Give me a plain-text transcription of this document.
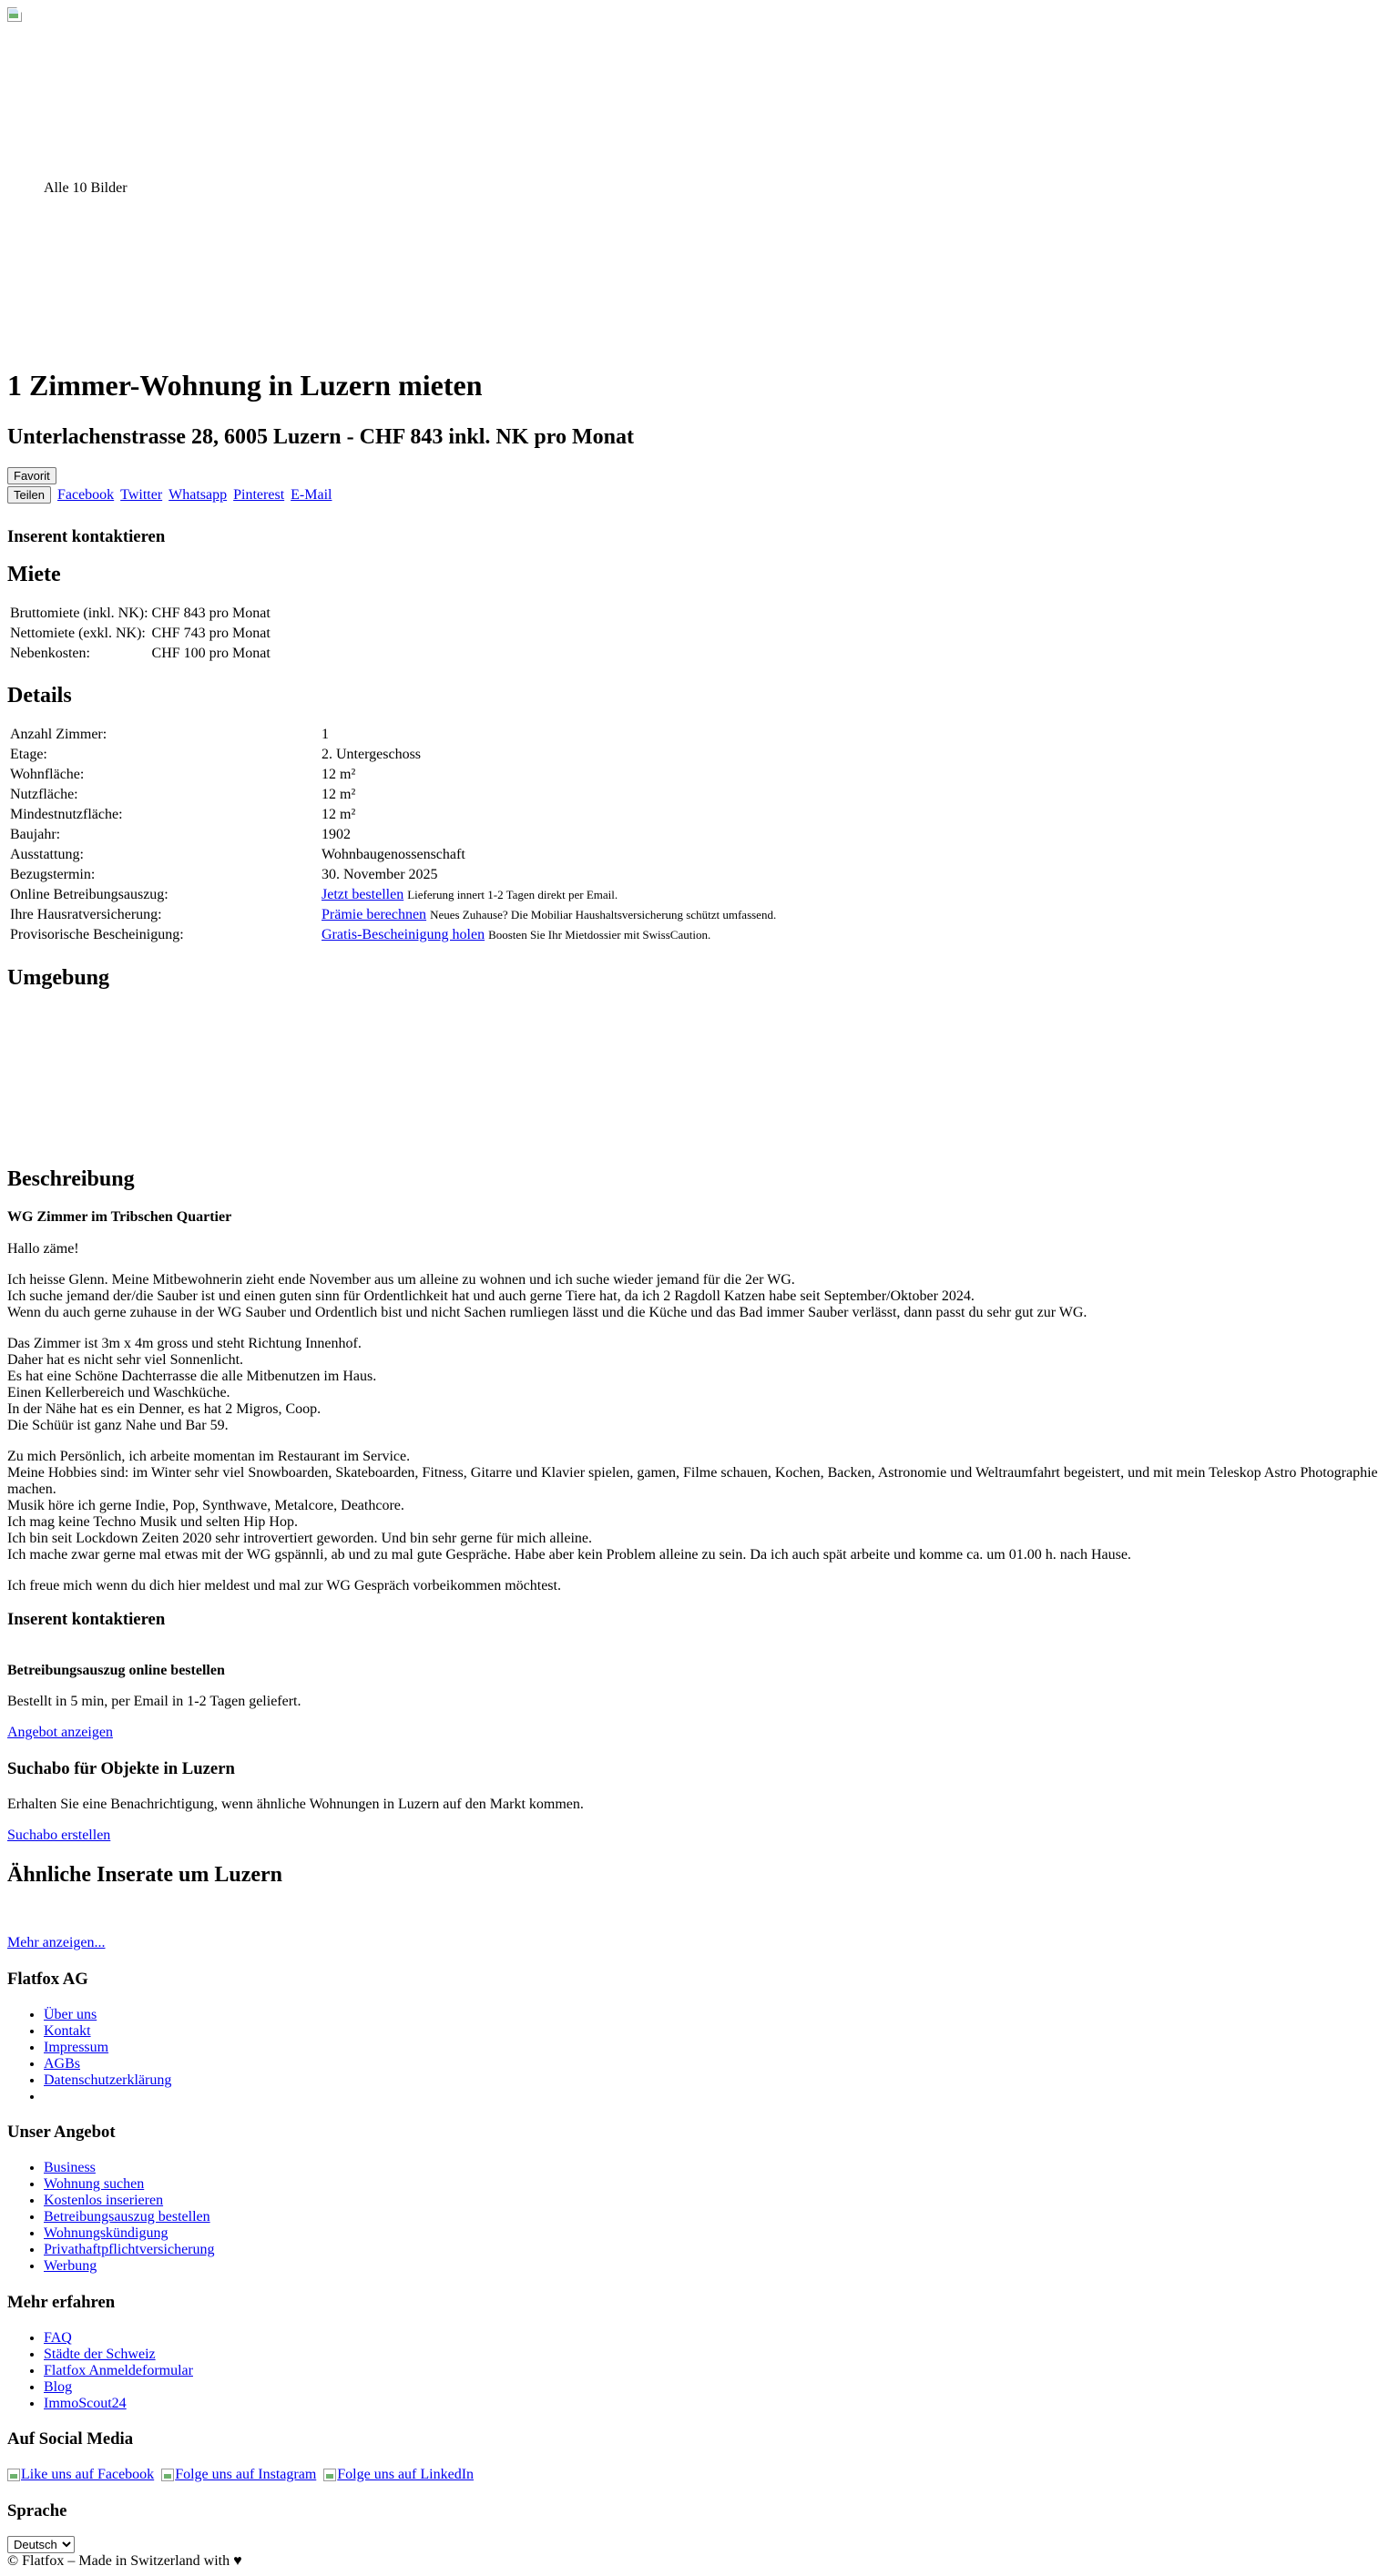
Alle 10 Bilder
1 Zimmer-Wohnung in Luzern mieten
Unterlachenstrasse 28, 6005 Luzern - CHF 843 inkl. NK pro Monat
Favorit
Teilen Facebook Twitter Whatsapp Pinterest E-Mail
Inserent kontaktieren
Miete
Bruttomiete (inkl. NK):	CHF 843 pro Monat
Nettomiete (exkl. NK):	CHF 743 pro Monat
Nebenkosten:	CHF 100 pro Monat
Details
Anzahl Zimmer:	1
Etage:	2. Untergeschoss
Wohnfläche:	12 m²
Nutzfläche:	12 m²
Mindestnutzfläche:	12 m²
Baujahr:	1902
Ausstattung:	Wohnbaugenossenschaft
Bezugstermin:	30. November 2025
Online Betreibungsauszug:	Jetzt bestellen Lieferung innert 1-2 Tagen direkt per Email.
Ihre Hausratversicherung:	Prämie berechnen Neues Zuhause? Die Mobiliar Haushaltsversicherung schützt umfassend.
Provisorische Bescheinigung:	Gratis-Bescheinigung holen Boosten Sie Ihr Mietdossier mit SwissCaution.
Umgebung
Beschreibung
WG Zimmer im Tribschen Quartier

Hallo zäme!

Ich heisse Glenn. Meine Mitbewohnerin zieht ende November aus um alleine zu wohnen und ich suche wieder jemand für die 2er WG.
Ich suche jemand der/die Sauber ist und einen guten sinn für Ordentlichkeit hat und auch gerne Tiere hat, da ich 2 Ragdoll Katzen habe seit September/Oktober 2024.
Wenn du auch gerne zuhause in der WG Sauber und Ordentlich bist und nicht Sachen rumliegen lässt und die Küche und das Bad immer Sauber verlässt, dann passt du sehr gut zur WG.

Das Zimmer ist 3m x 4m gross und steht Richtung Innenhof.
Daher hat es nicht sehr viel Sonnenlicht.
Es hat eine Schöne Dachterrasse die alle Mitbenutzen im Haus.
Einen Kellerbereich und Waschküche.
In der Nähe hat es ein Denner, es hat 2 Migros, Coop.
Die Schüür ist ganz Nahe und Bar 59.

Zu mich Persönlich, ich arbeite momentan im Restaurant im Service.
Meine Hobbies sind: im Winter sehr viel Snowboarden, Skateboarden, Fitness, Gitarre und Klavier spielen, gamen, Filme schauen, Kochen, Backen, Astronomie und Weltraumfahrt begeistert, und mit mein Teleskop Astro Photographie machen.
Musik höre ich gerne Indie, Pop, Synthwave, Metalcore, Deathcore.
Ich mag keine Techno Musik und selten Hip Hop.
Ich bin seit Lockdown Zeiten 2020 sehr introvertiert geworden. Und bin sehr gerne für mich alleine.
Ich mache zwar gerne mal etwas mit der WG gspännli, ab und zu mal gute Gespräche. Habe aber kein Problem alleine zu sein. Da ich auch spät arbeite und komme ca. um 01.00 h. nach Hause.

Ich freue mich wenn du dich hier meldest und mal zur WG Gespräch vorbeikommen möchtest.

Inserent kontaktieren
Betreibungsauszug online bestellen

Bestellt in 5 min, per Email in 1-2 Tagen geliefert.

Angebot anzeigen
Suchabo für Objekte in Luzern

Erhalten Sie eine Benachrichtigung, wenn ähnliche Wohnungen in Luzern auf den Markt kommen.

Suchabo erstellen
Ähnliche Inserate um Luzern
Mehr anzeigen...
Flatfox AG
• Über uns
• Kontakt
• Impressum
• AGBs
• Datenschutzerklärung
•
Unser Angebot
• Business
• Wohnung suchen
• Kostenlos inserieren
• Betreibungsauszug bestellen
• Wohnungskündigung
• Privathaftpflichtversicherung
• Werbung
Mehr erfahren
• FAQ
• Städte der Schweiz
• Flatfox Anmeldeformular
• Blog
• ImmoScout24
Auf Social Media
Like uns auf Facebook
Folge uns auf Instagram
Folge uns auf LinkedIn
Sprache
Deutsch
© Flatfox – Made in Switzerland with ♥
